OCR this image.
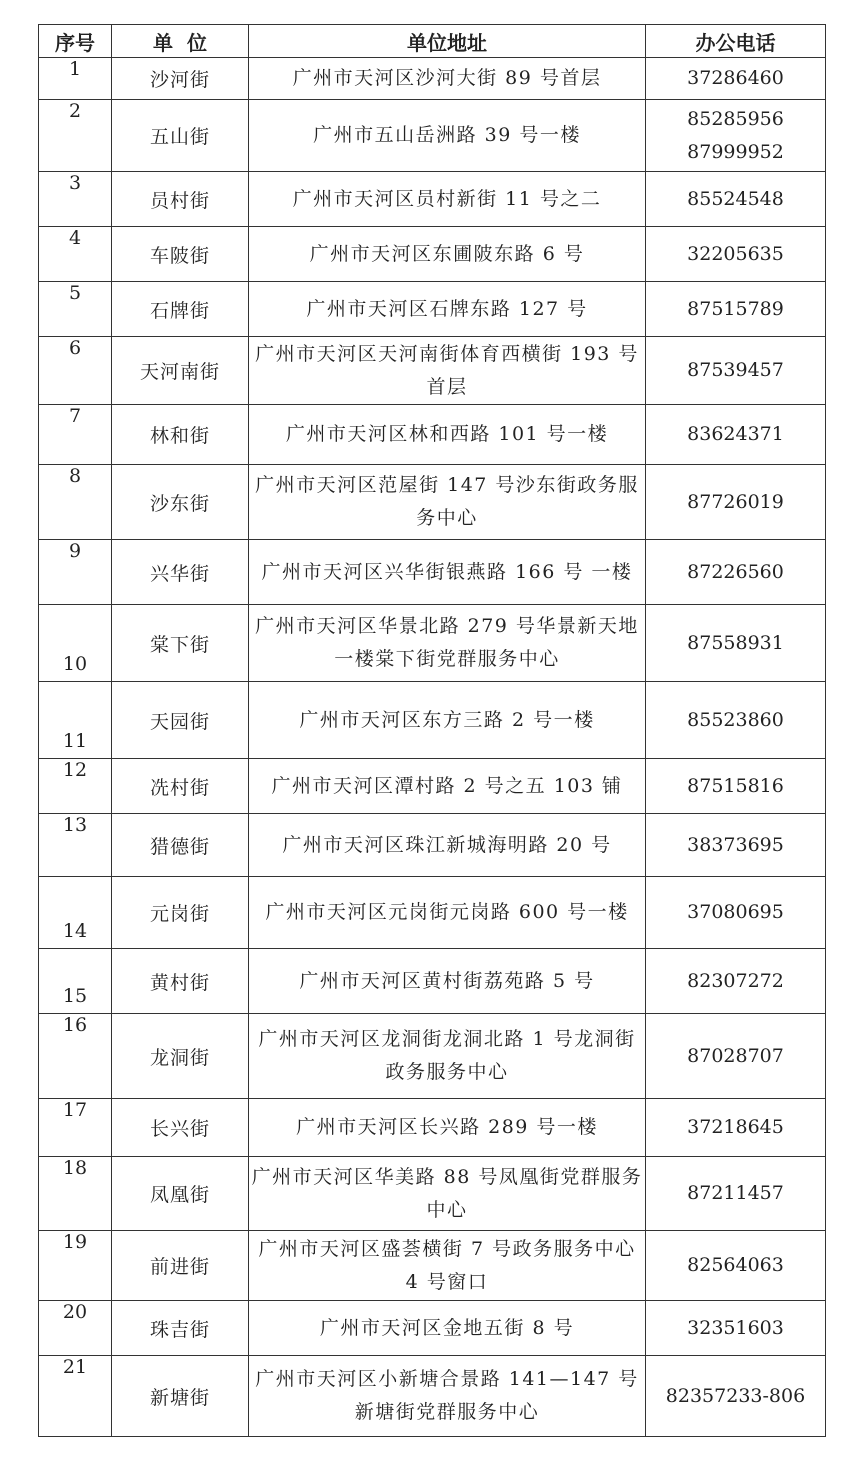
序号	单  位	单位地址	办公电话
1	沙河街	广州市天河区沙河大街 89 号首层	37286460

2	五山街	广州市五山岳洲路 39 号一楼	85285956
87999952

3	员村街	广州市天河区员村新街 11 号之二	85524548

4	车陂街	广州市天河区东圃陂东路 6 号	32205635

5	石牌街	广州市天河区石牌东路 127 号	87515789

6	天河南街	广州市天河区天河南街体育西横街 193 号首层	87539457

7	林和街	广州市天河区林和西路 101 号一楼	83624371

8	沙东街	广州市天河区范屋街 147 号沙东街政务服务中心	87726019

9	兴华街	广州市天河区兴华街银燕路 166 号 一楼	87226560

10	棠下街	广州市天河区华景北路 279 号华景新天地一楼棠下街党群服务中心	87558931

11	天园街	广州市天河区东方三路 2 号一楼	85523860

12	冼村街	广州市天河区潭村路 2 号之五 103 铺	87515816

13	猎德街	广州市天河区珠江新城海明路 20 号	38373695

14	元岗街	广州市天河区元岗街元岗路 600 号一楼	37080695

15	黄村街	广州市天河区黄村街荔苑路 5 号	82307272

16	龙洞街	广州市天河区龙洞街龙洞北路 1 号龙洞街政务服务中心	87028707

17	长兴街	广州市天河区长兴路 289 号一楼	37218645

18	凤凰街	广州市天河区华美路 88 号凤凰街党群服务中心	87211457

19	前进街	广州市天河区盛荟横街 7 号政务服务中心 4 号窗口	82564063

20	珠吉街	广州市天河区金地五街 8 号	32351603

21	新塘街	广州市天河区小新塘合景路 141—147 号新塘街党群服务中心	82357233-806
